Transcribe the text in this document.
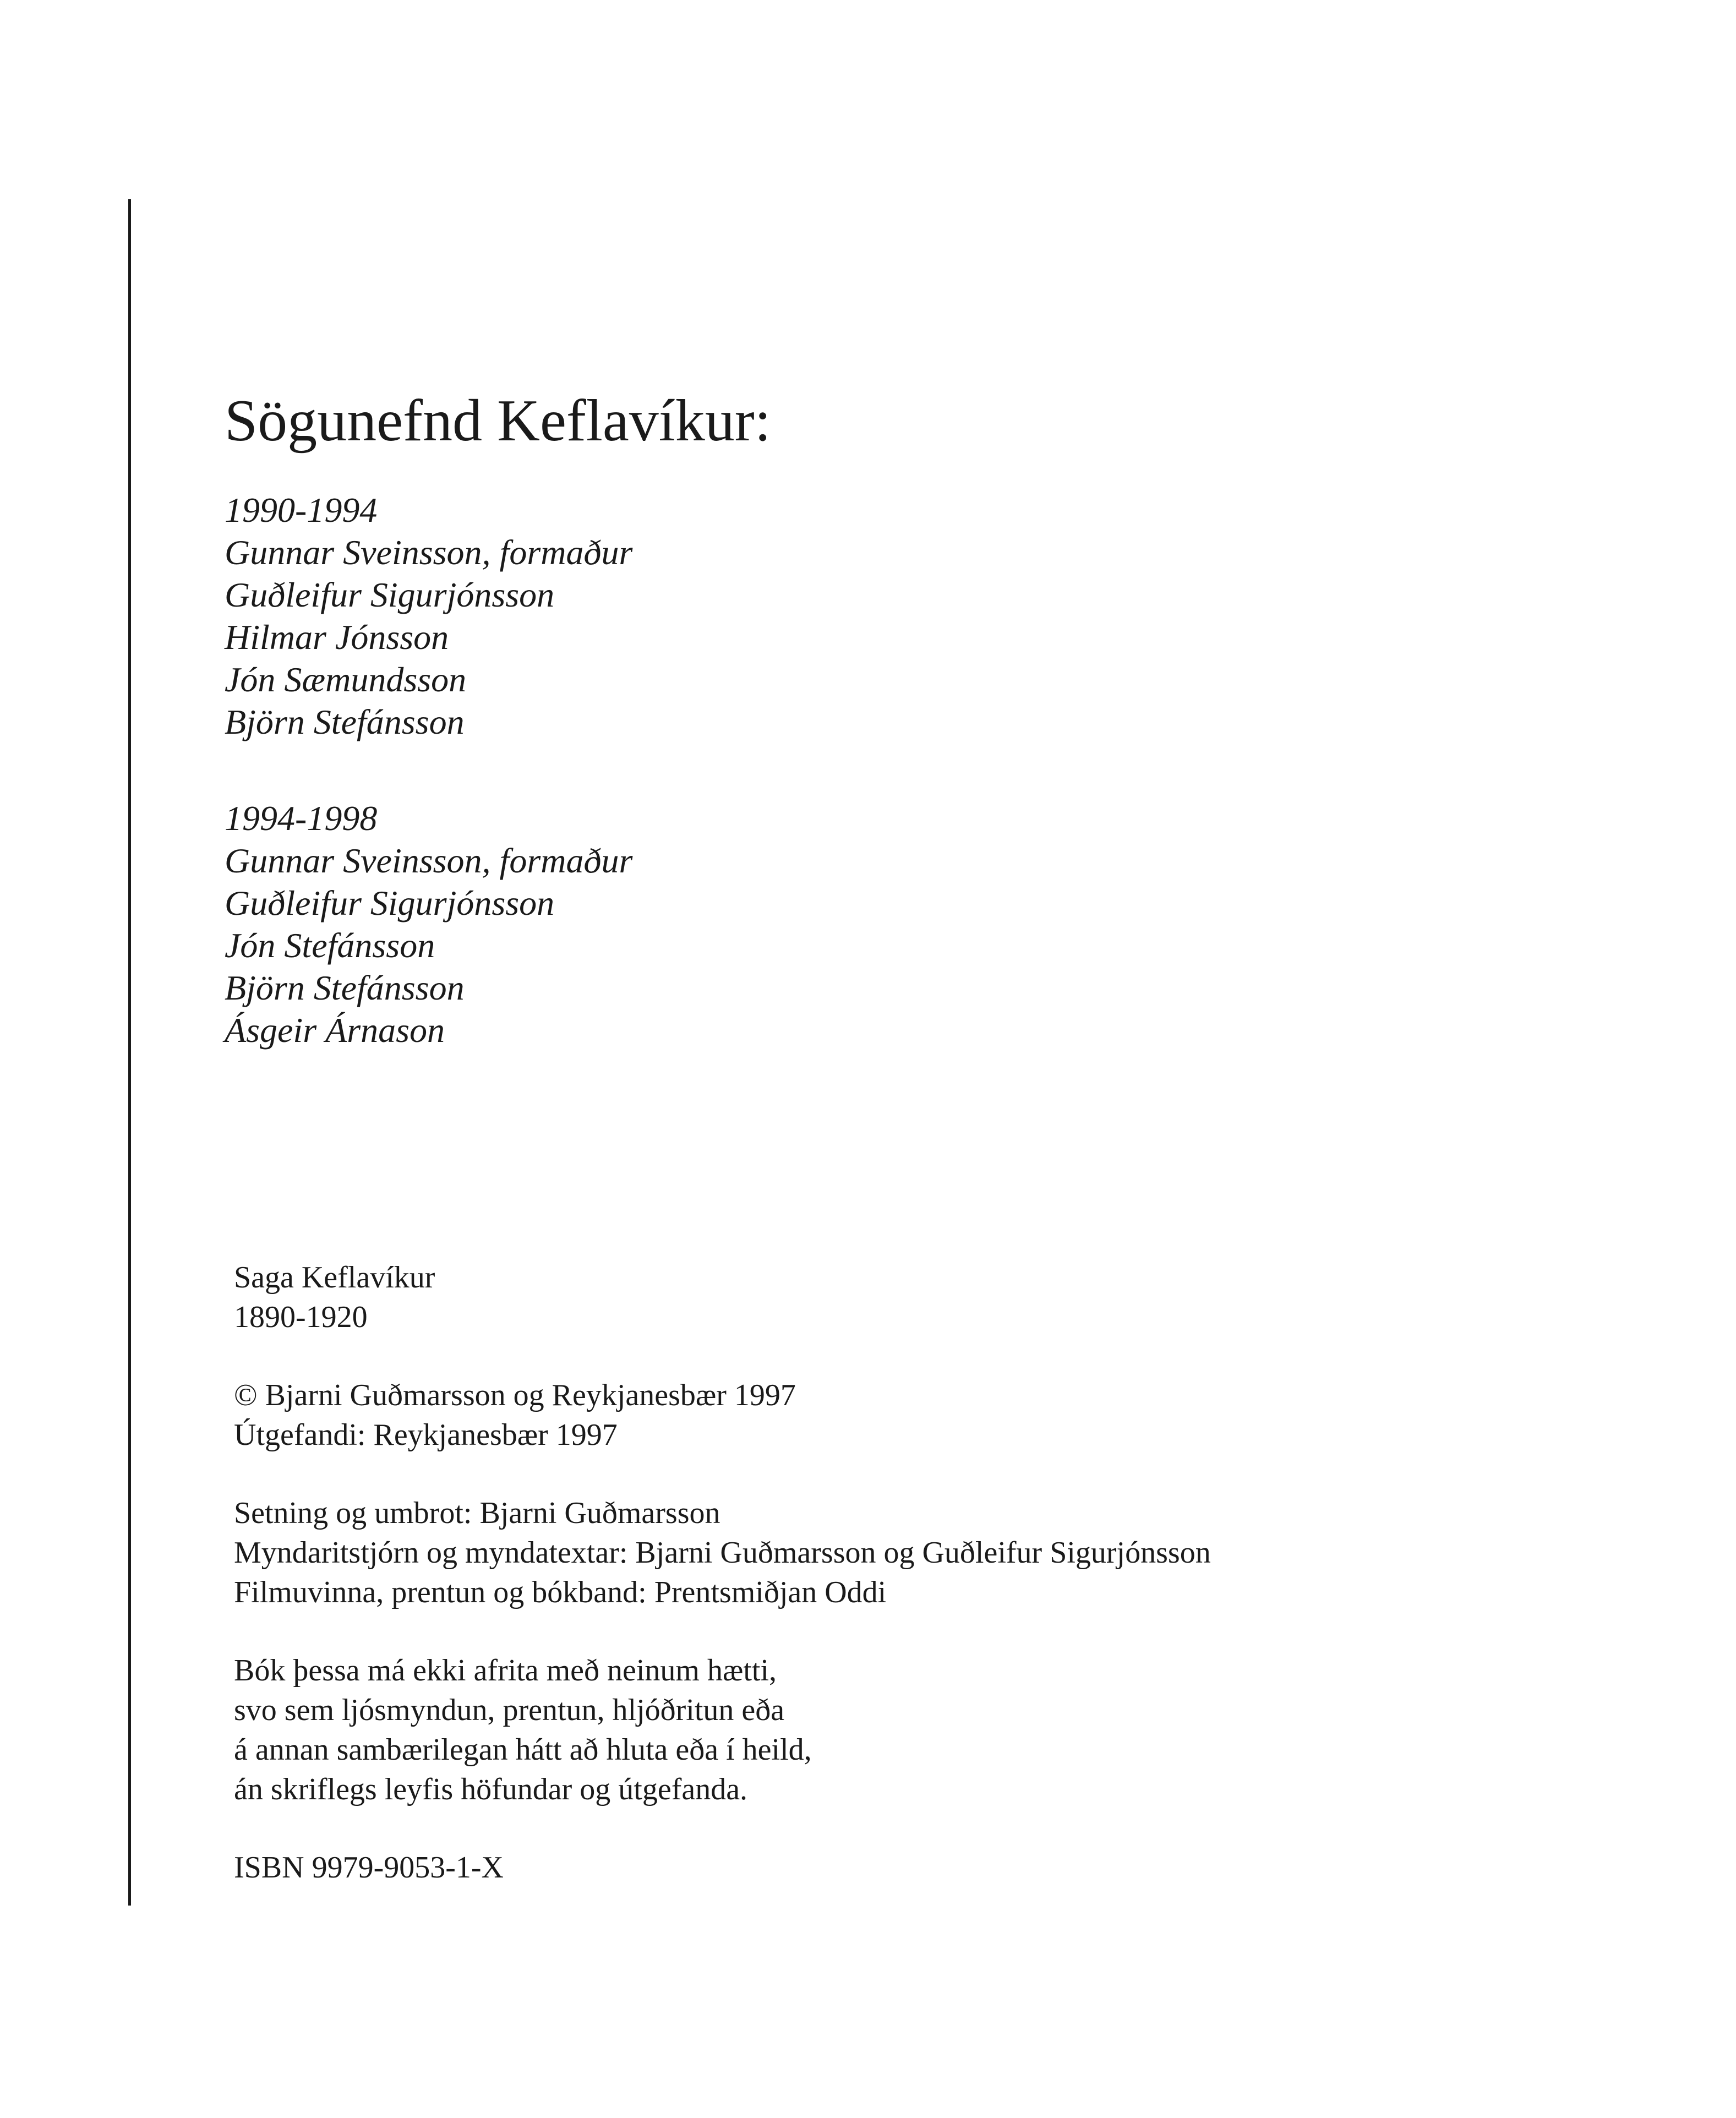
Sögunefnd Keflavíkur:
1990-1994
Gunnar Sveinsson, formaður
Guðleifur Sigurjónsson
Hilmar Jónsson
Jón Sæmundsson
Björn Stefánsson
1994-1998
Gunnar Sveinsson, formaður
Guðleifur Sigurjónsson
Jón Stefánsson
Björn Stefánsson
Ásgeir Árnason
Saga Keflavíkur
1890-1920
© Bjarni Guðmarsson og Reykjanesbær 1997
Útgefandi: Reykjanesbær 1997
Setning og umbrot: Bjarni Guðmarsson
Myndaritstjórn og myndatextar: Bjarni Guðmarsson og Guðleifur Sigurjónsson
Filmuvinna, prentun og bókband: Prentsmiðjan Oddi
Bók þessa má ekki afrita með neinum hætti,
svo sem ljósmyndun, prentun, hljóðritun eða
á annan sambærilegan hátt að hluta eða í heild,
án skriflegs leyfis höfundar og útgefanda.
ISBN 9979-9053-1-X
